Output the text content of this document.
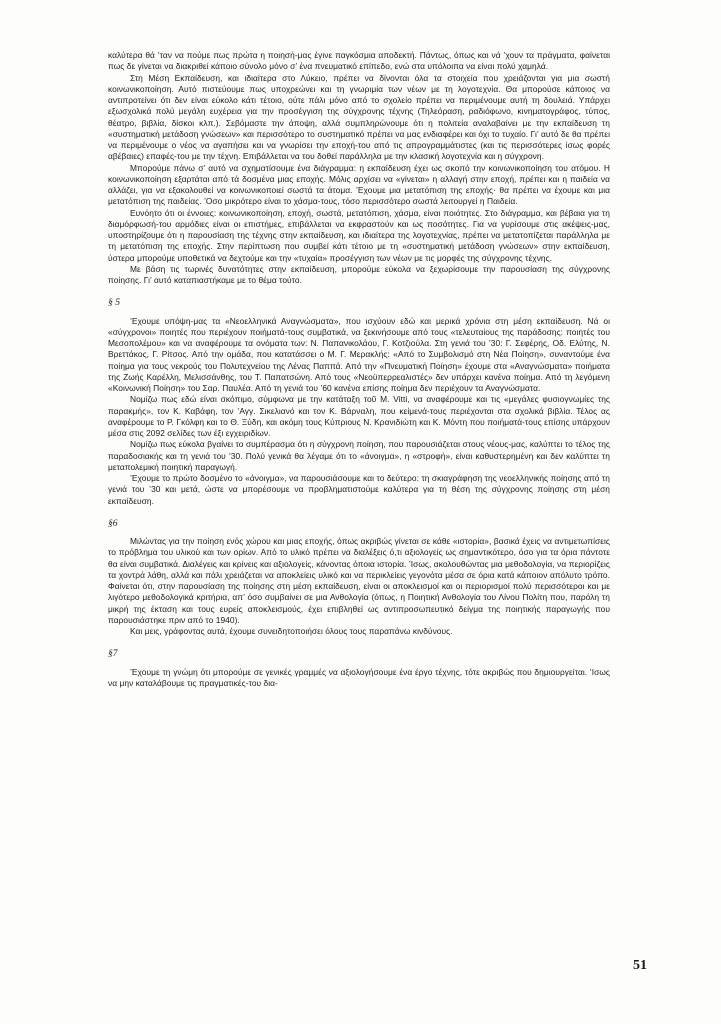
καλύτερα θά ’ταν να πούμε πως πρώτα η ποιησή-μας έγινε παγκόσμια αποδεκτή. Πάντως, όπως και νά ’χουν τα πράγματα, φαίνεται πως δε γίνεται να διακριθεί κάποιο σύνολο μόνο σ’ ένα πνευματικό επίπεδο, ενώ στα υπόλοιπα να είναι πολύ χαμηλά.

Στη Μέση Εκπαίδευση, και ιδιαίτερα στο Λύκειο, πρέπει να δίνονται όλα τα στοιχεία που χρειάζονται για μια σωστή κοινωνικοποίηση. Αυτό πιστεύουμε πως υποχρεώνει και τη γνωριμία των νέων με τη λογοτεχνία. Θα μπορούσε κάποιος να αντιπροτείνει ότι δεν είναι εύκολο κάτι τέτοιο, ούτε πάλι μόνο από το σχολείο πρέπει να περιμένουμε αυτή τη δουλειά. Υπάρχει εξωσχολικά πολύ μεγάλη ευχέρεια για την προσέγγιση της σύγχρονης τέχνης (Τηλεόραση, ραδιόφωνο, κινηματογράφος, τύπος, θέατρο, βιβλία, δίσκοι κλπ.). Σεβόμαστε την άποψη, αλλά συμπληρώνουμε ότι η πολιτεία αναλαβαίνει με την εκπαίδευση τη «συστηματική μετάδοση γνώσεων» και περισσότερο το συστηματικό πρέπει να μας ενδιαφέρει και όχι το τυχαίο. Γι’ αυτό δε θα πρέπει να περιμένουμε ο νέος να αγαπήσει και να γνωρίσει την εποχή-του από τις απρογραμμάτιστες (και τις περισσότερες ίσως φορές αβέβαιες) επαφές-του με την τέχνη. Επιβάλλεται να του δοθεί παράλληλα με την κλασική λογοτεχνία και η σύγχρονη.

Μπορούμε πάνω σ’ αυτό να σχηματίσουμε ένα διάγραμμα: η εκπαίδευση έχει ως σκοπό την κοινωνικοποίηση του ατόμου. Η κοινωνικοποίηση εξαρτάται από τά δοσμένα μιας εποχής. Μόλις αρχίσει να «γίνεται» η αλλαγή στην εποχή, πρέπει και η παιδεία να αλλάζει, για να εξακολουθεί να κοινωνικοποιεί σωστά τα άτομα. ’Εχουμε μια μετατόπιση της εποχής· θα πρέπει να έχουμε και μια μετατόπιση της παιδείας. ’Οσο μικρότερο είναι το χάσμα-τους, τόσο περισσότερο σωστά λειτουργεί η Παιδεία.

Ευνόητο ότι οι έννοιες: κοινωνικοποίηση, εποχή, σωστά, μετατόπιση, χάσμα, είναι ποιότητες. Στο διάγραμμα, και βέβαια για τη διαμόρφωσή-του αρμόδιες είναι οι επιστήμες, επιβάλλεται να εκφραστούν και ως ποσότητες. Για να γυρίσουμε στις ακέψεις-μας, υποστηρίζουμε ότι η παρουσίαση της τέχνης στην εκπαίδευση, και ιδιαίτερα της λογοτεχνίας, πρέπει να μετατοπίζεται παράλληλα με τη μετατόπιση της εποχής. Στην περίπτωση που συμβεί κάτι τέτοιο με τη «συστηματική μετάδοση γνώσεων» στην εκπαίδευση, ύστερα μπορούμε υποθετικά να δεχτούμε και την «τυχαία» προσέγγιση των νέων με τις μορφές της σύγχρονης τέχνης.

Με βάση τις τωρινές δυνατότητες στην εκπαίδευση, μπορούμε εύκολα να ξεχωρίσουμε την παρουσίαση της σύγχρονης ποίησης. Γι’ αυτό καταπιαστήκαμε με το θέμα τούτο.

§ 5

’Εχουμε υπόψη-μας τα «Νεοελληνικά Αναγνώσματα», που ισχύουν εδώ και μερικά χρόνια στη μέση εκπαίδευση. Νά οι «σύγχρονοι» ποιητές που περιέχουν ποιήματά-τους συμβατικά, να ξεκινήσουμε από τους «τελευταίους της παράδοσης: ποιητές του Μεσοπολέμου» και να αναφέρουμε τα ονόματα των: Ν. Παπανικολάου, Γ. Κοτζιούλα. Στη γενιά του ’30: Γ. Σεφέρης, Οδ. Ελύτης, Ν. Βρεττάκος, Γ. Ρίτσος. Από την ομάδα, που κατατάσσει ο Μ. Γ. Μερακλής: «Από το Συμβολισμό στη Νέα Ποίηση», συναντούμε ένα ποίημα για τους νεκρούς του Πολυτεχνείου της Λένας Παππά. Από την «Πνευματική Ποίηση» έχουμε στα «Αναγνώσματα» ποιήματα της Ζωής Καρέλλη, Μελισσάνθης, του Τ. Παπατσώνη. Από τους «Νεοϋπερρεαλιστές» δεν υπάρχει κανένα ποίημα. Από τη λεγόμενη «Κοινωνική Ποίηση» του Σαρ. Παυλέα. Από τη γενιά του ’60 κανένα επίσης ποίημα δεν περιέχουν τα Αναγνώσματα.

Νομίζω πως εδώ είναι σκόπιμο, σύμφωνα με την κατάταξη τοῦ M. Vitti, να αναφέρουμε και τις «μεγάλες φυσιογνωμίες της παρακμής», τον Κ. Καβάφη, τον ’Αγγ. Σικελιανό και τον Κ. Βάρναλη, που κείμενά-τους περιέχονται στα σχολικά βιβλία. Τέλος ας αναφέρουμε το Ρ. Γκόλφη και το Θ. Ξύδη, και ακόμη τους Κύπριους Ν. Κρανιδιώτη και Κ. Μόντη που ποιήματά-τους επίσης υπάρχουν μέσα στις 2092 σελίδες των έξι εγχειριδίων.

Νομίζω πως εύκολα βγαίνει το συμπέρασμα ότι η σύγχρονη ποίηση, που παρουσιάζεται στους νέους-μας, καλύπτει το τέλος της παραδοσιακής και τη γενιά του ’30. Πολύ γενικά θα λέγαμε ότι το «άνοιγμα», η «στροφή», είναι καθυστερημένη και δεν καλύπτει τη μεταπολεμική ποιητική παραγωγή.

’Εχουμε το πρώτο δοσμένο το «άνοιγμα», να παρουσιάσουμε και το δεύτερο: τη σκιαγράφηση της νεοελληνικής ποίησης από τη γενιά του ’30 και μετά, ώστε να μπορέσουμε να προβληματιστούμε καλύτερα για τη θέση της σύγχρονης ποίησης στη μέση εκπαίδευση.

§6

Μιλώντας για την ποίηση ενός χώρου και μιας εποχής, όπως ακριβώς γίνεται σε κάθε «ιστορία», βασικά έχεις να αντιμετωπίσεις το πρόβλημα του υλικού και των ορίων. Από το υλικό πρέπει να διαλέξεις ό,τι αξιολογείς ως σημαντικότερο, όσο για τα όρια πάντοτε θα είναι συμβατικά. Διαλέγεις και κρίνεις και αξιολογείς, κάνοντας όποια ιστορία. ’Ισως, ακολουθώντας μια μεθοδολογία, να περιορίζεις τα χοντρά λάθη, αλλά και πάλι χρειάζεται να αποκλείεις υλικό και να περικλείεις γεγονότα μέσα σε όρια κατά κάποιον απόλυτο τρόπο. Φαίνεται ότι, στην παρουσίαση της ποίησης στη μέση εκπαίδευση, είναι οι αποκλεισμοί και οι περιορισμοί πολύ περισσότεροι και με λιγότερο μεθοδολογικά κριτήρια, απ’ όσο συμβαίνει σε μια Ανθολογία (όπως, η Ποιητική Ανθολογία του Λίνου Πολίτη που, παρόλη τη μικρή της έκταση και τους ευρείς αποκλεισμούς, έχει επιβληθεί ως αντιπροσωπευτικό δείγμα της ποιητικής παραγωγής που παρουσιάστηκε πριν από το 1940).

Και μεις, γράφοντας αυτά, έχουμε συνειδητοποιήσει όλους τους παραπάνω κινδύνους.

§7

’Εχουμε τη γνώμη ότι μπορούμε σε γενικές γραμμές να αξιολογήσουμε ένα έργο τέχνης, τότε ακριβώς που δημιουργείται. ’Ισως να μην καταλάβουμε τις πραγματικές-του δια-

51
